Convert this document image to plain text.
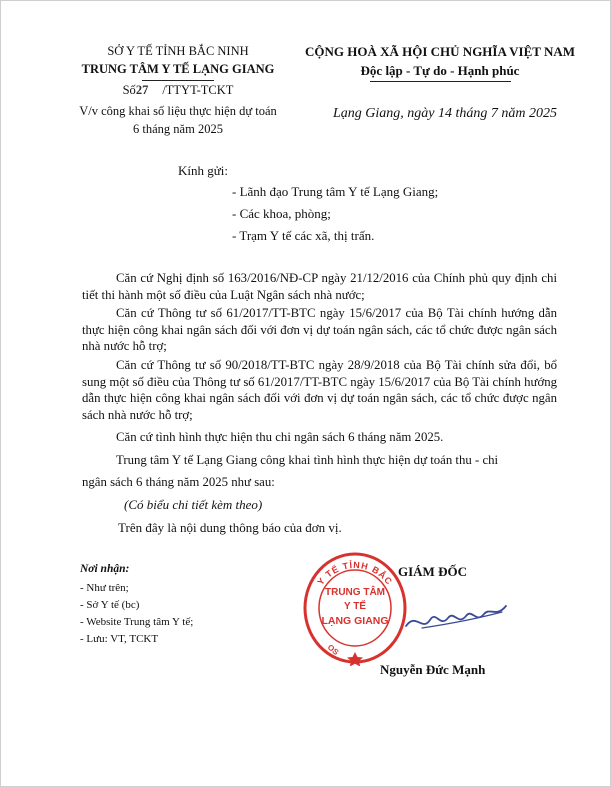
SỞ Y TẾ TỈNH BẮC NINH
TRUNG TÂM Y TẾ LẠNG GIANG
Số27 /TTYT-TCKT
V/v công khai số liệu thực hiện dự toán
6 tháng năm 2025
CỘNG HOÀ XÃ HỘI CHỦ NGHĨA VIỆT NAM
Độc lập - Tự do - Hạnh phúc
Lạng Giang, ngày 14 tháng 7 năm 2025
Kính gửi:
- Lãnh đạo Trung tâm Y tế Lạng Giang;
- Các khoa, phòng;
- Trạm Y tế các xã, thị trấn.
Căn cứ Nghị định số 163/2016/NĐ-CP ngày 21/12/2016 của Chính phủ quy định chi tiết thi hành một số điều của Luật Ngân sách nhà nước;
Căn cứ Thông tư số 61/2017/TT-BTC ngày 15/6/2017 của Bộ Tài chính hướng dẫn thực hiện công khai ngân sách đối với đơn vị dự toán ngân sách, các tổ chức được ngân sách nhà nước hỗ trợ;
Căn cứ Thông tư số 90/2018/TT-BTC ngày 28/9/2018 của Bộ Tài chính sửa đổi, bổ sung một số điều của Thông tư số 61/2017/TT-BTC ngày 15/6/2017 của Bộ Tài chính hướng dẫn thực hiện công khai ngân sách đối với đơn vị dự toán ngân sách, các tổ chức được ngân sách nhà nước hỗ trợ;
Căn cứ tình hình thực hiện thu chi ngân sách 6 tháng năm 2025.
Trung tâm Y tế Lạng Giang công khai tình hình thực hiện dự toán thu - chi
ngân sách 6 tháng năm 2025 như sau:
(Có biểu chi tiết kèm theo)
Trên đây là nội dung thông báo của đơn vị.
Nơi nhận:
- Như trên;
- Sở Y tế (bc)
- Website Trung tâm Y tế;
- Lưu: VT, TCKT
GIÁM ĐỐC
Y TẾ TỈNH BẮC
TRUNG TÂM
Y TẾ
LẠNG GIANG
OS
Nguyễn Đức Mạnh
